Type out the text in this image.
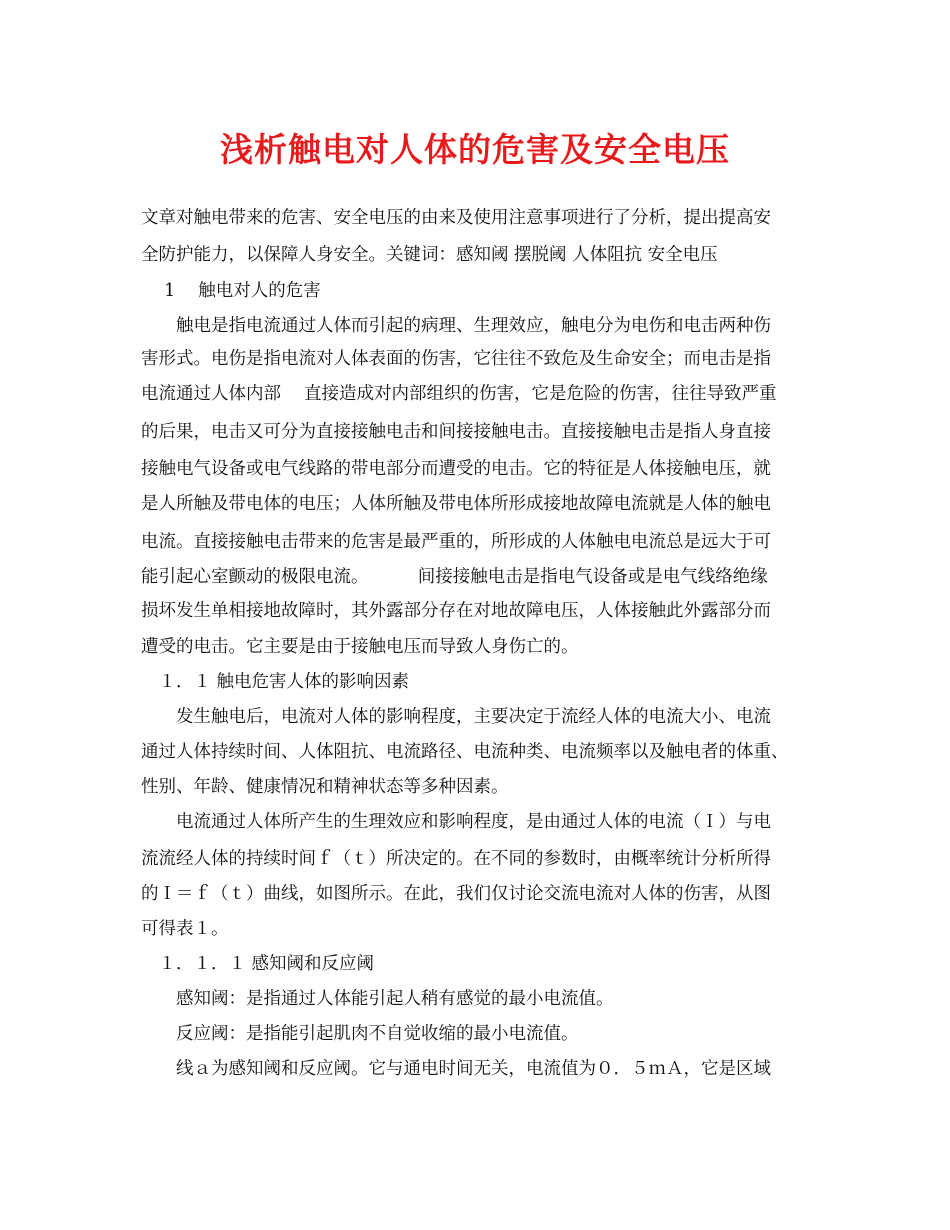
浅析触电对人体的危害及安全电压

文章对触电带来的危害、安全电压的由来及使用注意事项进行了分析，提出提高安

全防护能力，以保障人身安全。关键词：感知阈 摆脱阈 人体阻抗 安全电压

　 1　 触电对人的危害

　　触电是指电流通过人体而引起的病理、生理效应，触电分为电伤和电击两种伤

害形式。电伤是指电流对人体表面的伤害，它往往不致危及生命安全；而电击是指

电流通过人体内部　 直接造成对内部组织的伤害，它是危险的伤害，往往导致严重

的后果，电击又可分为直接接触电击和间接接触电击。直接接触电击是指人身直接

接触电气设备或电气线路的带电部分而遭受的电击。它的特征是人体接触电压，就

是人所触及带电体的电压；人体所触及带电体所形成接地故障电流就是人体的触电

电流。直接接触电击带来的危害是最严重的，所形成的人体触电电流总是远大于可

能引起心室颤动的极限电流。　　　 间接接触电击是指电气设备或是电气线络绝缘

损坏发生单相接地故障时，其外露部分存在对地故障电压，人体接触此外露部分而

遭受的电击。它主要是由于接触电压而导致人身伤亡的。

　１．１ 触电危害人体的影响因素

　　发生触电后，电流对人体的影响程度，主要决定于流经人体的电流大小、电流

通过人体持续时间、人体阻抗、电流路径、电流种类、电流频率以及触电者的体重、

性别、年龄、健康情况和精神状态等多种因素。

　　电流通过人体所产生的生理效应和影响程度，是由通过人体的电流（Ｉ）与电

流流经人体的持续时间ｆ（ｔ）所决定的。在不同的参数时，由概率统计分析所得

的Ｉ＝ｆ（ｔ）曲线，如图所示。在此，我们仅讨论交流电流对人体的伤害，从图

可得表１。

　１．１．１ 感知阈和反应阈

　　感知阈：是指通过人体能引起人稍有感觉的最小电流值。

　　反应阈：是指能引起肌肉不自觉收缩的最小电流值。

　　线ａ为感知阈和反应阈。它与通电时间无关，电流值为０．５ｍＡ，它是区域
